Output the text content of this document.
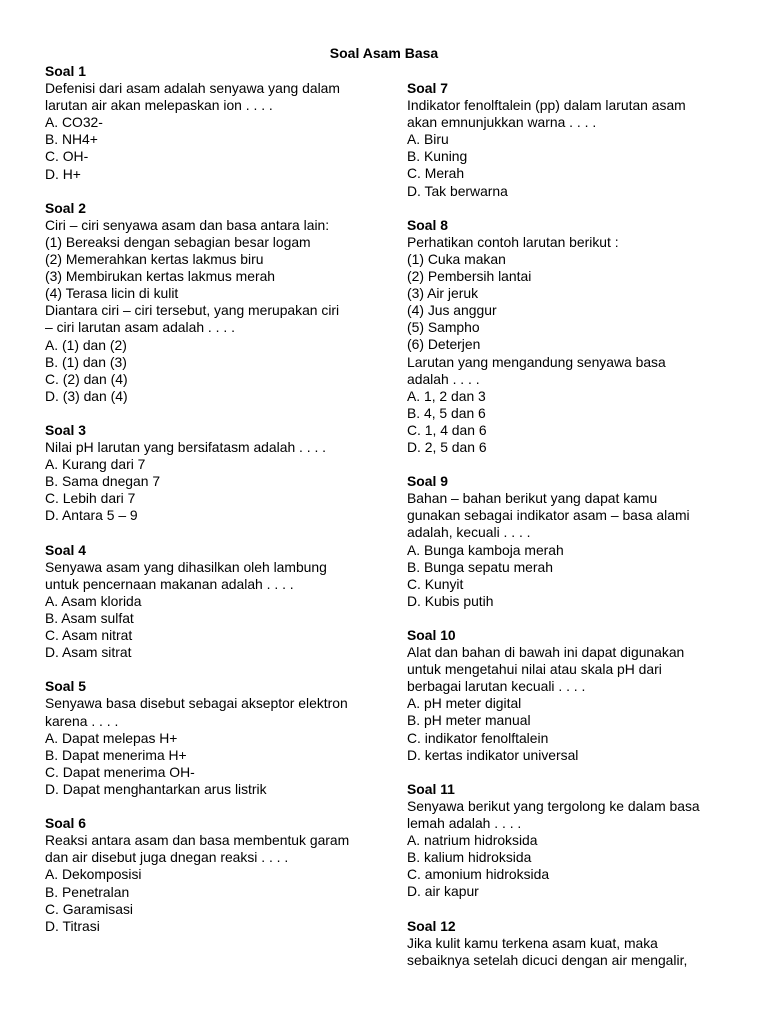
Soal Asam Basa
Soal 1
Defenisi dari asam adalah senyawa yang dalam
larutan air akan melepaskan ion . . . .
A. CO32-
B. NH4+
C. OH-
D. H+
Soal 2
Ciri – ciri senyawa asam dan basa antara lain:
(1) Bereaksi dengan sebagian besar logam
(2) Memerahkan kertas lakmus biru
(3) Membirukan kertas lakmus merah
(4) Terasa licin di kulit
Diantara ciri – ciri tersebut, yang merupakan ciri
– ciri larutan asam adalah . . . .
A. (1) dan (2)
B. (1) dan (3)
C. (2) dan (4)
D. (3) dan (4)
Soal 3
Nilai pH larutan yang bersifatasm adalah . . . .
A. Kurang dari 7
B. Sama dnegan 7
C. Lebih dari 7
D. Antara 5 – 9
Soal 4
Senyawa asam yang dihasilkan oleh lambung
untuk pencernaan makanan adalah . . . .
A. Asam klorida
B. Asam sulfat
C. Asam nitrat
D. Asam sitrat
Soal 5
Senyawa basa disebut sebagai akseptor elektron
karena . . . .
A. Dapat melepas H+
B. Dapat menerima H+
C. Dapat menerima OH-
D. Dapat menghantarkan arus listrik
Soal 6
Reaksi antara asam dan basa membentuk garam
dan air disebut juga dnegan reaksi . . . .
A. Dekomposisi
B. Penetralan
C. Garamisasi
D. Titrasi
Soal 7
Indikator fenolftalein (pp) dalam larutan asam
akan emnunjukkan warna . . . .
A. Biru
B. Kuning
C. Merah
D. Tak berwarna
Soal 8
Perhatikan contoh larutan berikut :
(1) Cuka makan
(2) Pembersih lantai
(3) Air jeruk
(4) Jus anggur
(5) Sampho
(6) Deterjen
Larutan yang mengandung senyawa basa
adalah . . . .
A. 1, 2 dan 3
B. 4, 5 dan 6
C. 1, 4 dan 6
D. 2, 5 dan 6
Soal 9
Bahan – bahan berikut yang dapat kamu
gunakan sebagai indikator asam – basa alami
adalah, kecuali . . . .
A. Bunga kamboja merah
B. Bunga sepatu merah
C. Kunyit
D. Kubis putih
Soal 10
Alat dan bahan di bawah ini dapat digunakan
untuk mengetahui nilai atau skala pH dari
berbagai larutan kecuali . . . .
A. pH meter digital
B. pH meter manual
C. indikator fenolftalein
D. kertas indikator universal
Soal 11
Senyawa berikut yang tergolong ke dalam basa
lemah adalah . . . .
A. natrium hidroksida
B. kalium hidroksida
C. amonium hidroksida
D. air kapur
Soal 12
Jika kulit kamu terkena asam kuat, maka
sebaiknya setelah dicuci dengan air mengalir,
